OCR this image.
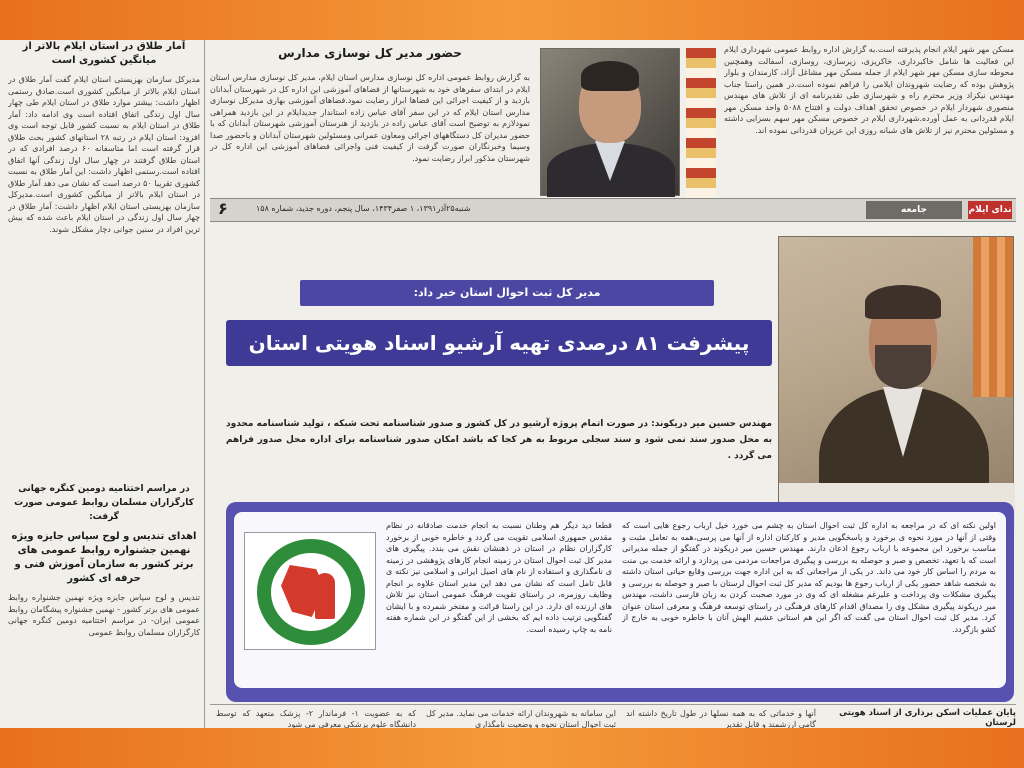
آمار طلاق در استان ایلام بالاتر از میانگین کشوری است
مدیرکل سازمان بهزیستی استان ایلام گفت آمار طلاق در استان ایلام بالاتر از میانگین کشوری است.صادق رستمی اظهار داشت: بیشتر موارد طلاق در استان ایلام طی چهار سال اول زندگی اتفاق افتاده است وی ادامه داد: آمار طلاق در استان ایلام به نسبت کشور قابل توجه است وی افزود: استان ایلام در رتبه ۲۸ استانهای کشور بحث طلاق قرار گرفته است اما متاسفانه ۶۰ درصد افرادی که در استان طلاق گرفتند در چهار سال اول زندگی آنها اتفاق افتاده است.رستمی اظهار داشت: این آمار طلاق به نسبت کشوری تقریبا ۵۰ درصد است که نشان می دهد آمار طلاق در استان ایلام بالاتر از میانگین کشوری است.مدیرکل سازمان بهزیستی استان ایلام اظهار داشت: آمار طلاق در چهار سال اول زندگی در استان ایلام باعث شده که بیش ترین افراد در سنین جوانی دچار مشکل شوند.
در مراسم اختتامیه دومین کنگره جهانی کارگزاران مسلمان روابط عمومی صورت گرفت:
اهدای تندیس و لوح سپاس جایزه ویژه نهمین جشنواره روابط عمومی های برتر کشور به سازمان آموزش فنی و حرفه ای کشور
تندیس و لوح سپاس جایزه ویژه نهمین جشنواره روابط عمومی های برتر کشور - نهمین جشنواره پیشگامان روابط عمومی ایران- در مراسم اختتامیه دومین کنگره جهانی کارگزاران مسلمان روابط عمومی
حضور مدیر کل نوسازی مدارس
به گزارش روابط عمومی اداره کل نوسازی مدارس استان ایلام، مدیر کل نوسازی مدارس استان ایلام در ابتدای سفرهای خود به شهرستانها از فضاهای آموزشی این اداره کل در شهرستان آبدانان بازدید و از کیفیت اجرائی این فضاها ابراز رضایت نمود.فضاهای آموزشی بهاری مدیرکل نوسازی مدارس استان ایلام که در این سفر آقای عباس زاده استاندار جدیدایلام در این بازدید همراهی نمودلازم به توضیح است آقای عباس زاده در بازدید از هنرستان آموزشی شهرستان آبدانان که با حضور مدیران کل دستگاههای اجرائی ومعاون عمرانی ومسئولین شهرستان آبدانان و باحضور صدا وسیما وخبرنگاران صورت گرفت از کیفیت فنی واجرائی فضاهای آموزشی این اداره کل در شهرستان مذکور ابراز رضایت نمود.
مسکن مهر شهر ایلام انجام پذیرفته است.به گزارش اداره روابط عمومی شهرداری ایلام این فعالیت ها شامل خاکبرداری، خاکریزی، زیرسازی، روسازی، آسفالت وهمچنین محوطه سازی مسکن مهر شهر ایلام از جمله مسکن مهر مشاغل آزاد، کارمندان و بلوار پژوهش بوده که رضایت شهروندان ایلامی را فراهم نموده است.در همین راستا جناب مهندس نیکزاد وزیر محترم راه و شهرسازی طی تقدیرنامه ای از تلاش های مهندس منصوری شهردار ایلام در خصوص تحقق اهداف دولت و افتتاح ۵۰۸۸ واحد مسکن مهر ایلام قدردانی به عمل آورده.شهرداری ایلام در خصوص مسکن مهر سهم بسزایی داشته و مسئولین محترم نیز از تلاش های شبانه روزی این عزیزان قدردانی نموده اند.
ندای ایلام
جامعه
شنبه۲۵آذر۱۳۹۱، ۱ صفر۱۴۳۴، سال پنجم، دوره جدید، شماره ۱۵۸
۶
مدیر کل ثبت احوال استان خبر داد:
پیشرفت ۸۱ درصدی تهیه آرشیو اسناد هویتی استان
مهندس حسین میر دریکوند: در صورت اتمام پروژه آرشیو در کل کشور و صدور شناسنامه تحت شبکه ، تولید شناسنامه محدود به محل صدور سند نمی شود و سند سجلی مربوط به هر کجا که باشد امکان صدور شناسنامه برای اداره محل صدور فراهم می گردد .
اولین نکته ای که در مراجعه به اداره کل ثبت احوال استان به چشم می خورد خیل ارباب رجوع هایی است که وقتی از آنها در مورد نحوه ی برخورد و پاسخگویی مدیر و کارکنان اداره از آنها می پرسی،همه به تعامل مثبت و مناسب برخورد این مجموعه با ارباب رجوع اذعان دارند. مهندس حسین میر دریکوند در گفتگو از جمله مدیرانی است که با تعهد، تخصص و صبر و حوصله به بررسی و پیگیری مراجعات مردمی می پردازد و ارائه خدمت بی منت به مردم را اساس کار خود می داند. در یکی از مراجعاتی که به این اداره جهت بررسی وقایع حیاتی استان داشته به شخصه شاهد حضور یکی از ارباب رجوع ها بودیم که مدیر کل ثبت احوال لرستان با صبر و حوصله به بررسی و پیگیری مشکلات وی پرداخت و علیرغم مشغله ای که وی در مورد صحبت کردن به زبان فارسی داشت، مهندس میر دریکوند پیگیری مشکل وی را مصداق اقدام کارهای فرهنگی در راستای توسعه فرهنگ و معرفی استان عنوان کرد. مدیر کل ثبت احوال استان می گفت که اگر این هم استانی عشیم الهش آنان با خاطره خوبی به خارج از کشو بازگردد.
قطعا دید دیگر هم وطنان نسبت به انجام خدمت صادقانه در نظام مقدس جمهوری اسلامی تقویت می گردد و خاطره خوبی از برخورد کارگزاران نظام در استان در ذهنشان نقش می بندد. پیگیری های مدیر کل ثبت احوال استان در زمینه انجام کارهای پژوهشی در زمینه ی نامگذاری و استفاده از نام های اصیل ایرانی و اسلامی نیز نکته ی قابل تامل است که نشان می دهد این مدیر استان علاوه بر انجام وظایف روزمره، در راستای تقویت فرهنگ عمومی استان نیز تلاش های ارزنده ای دارد. در این راستا قرائت و مفتخر شمرده و با ایشان گفتگویی ترتیب داده ایم که بخشی از این گفتگو در این شماره هفته نامه به چاپ رسیده است.
پایان عملیات اسکن برداری از اسناد هویتی لرستان
آنها و خدماتی که به همه نسلها در طول تاریخ داشته اند گامی ارزشمند و قابل تقدیر
این سامانه به شهروندان ارائه خدمات می نماید. مدیر کل ثبت احوال استان نحوه و وضعیت نامگذاری
که به عضویت ۱- فرماندار ۲- پزشک متعهد که توسط دانشگاه علوم پزشکی معرفی می شود
